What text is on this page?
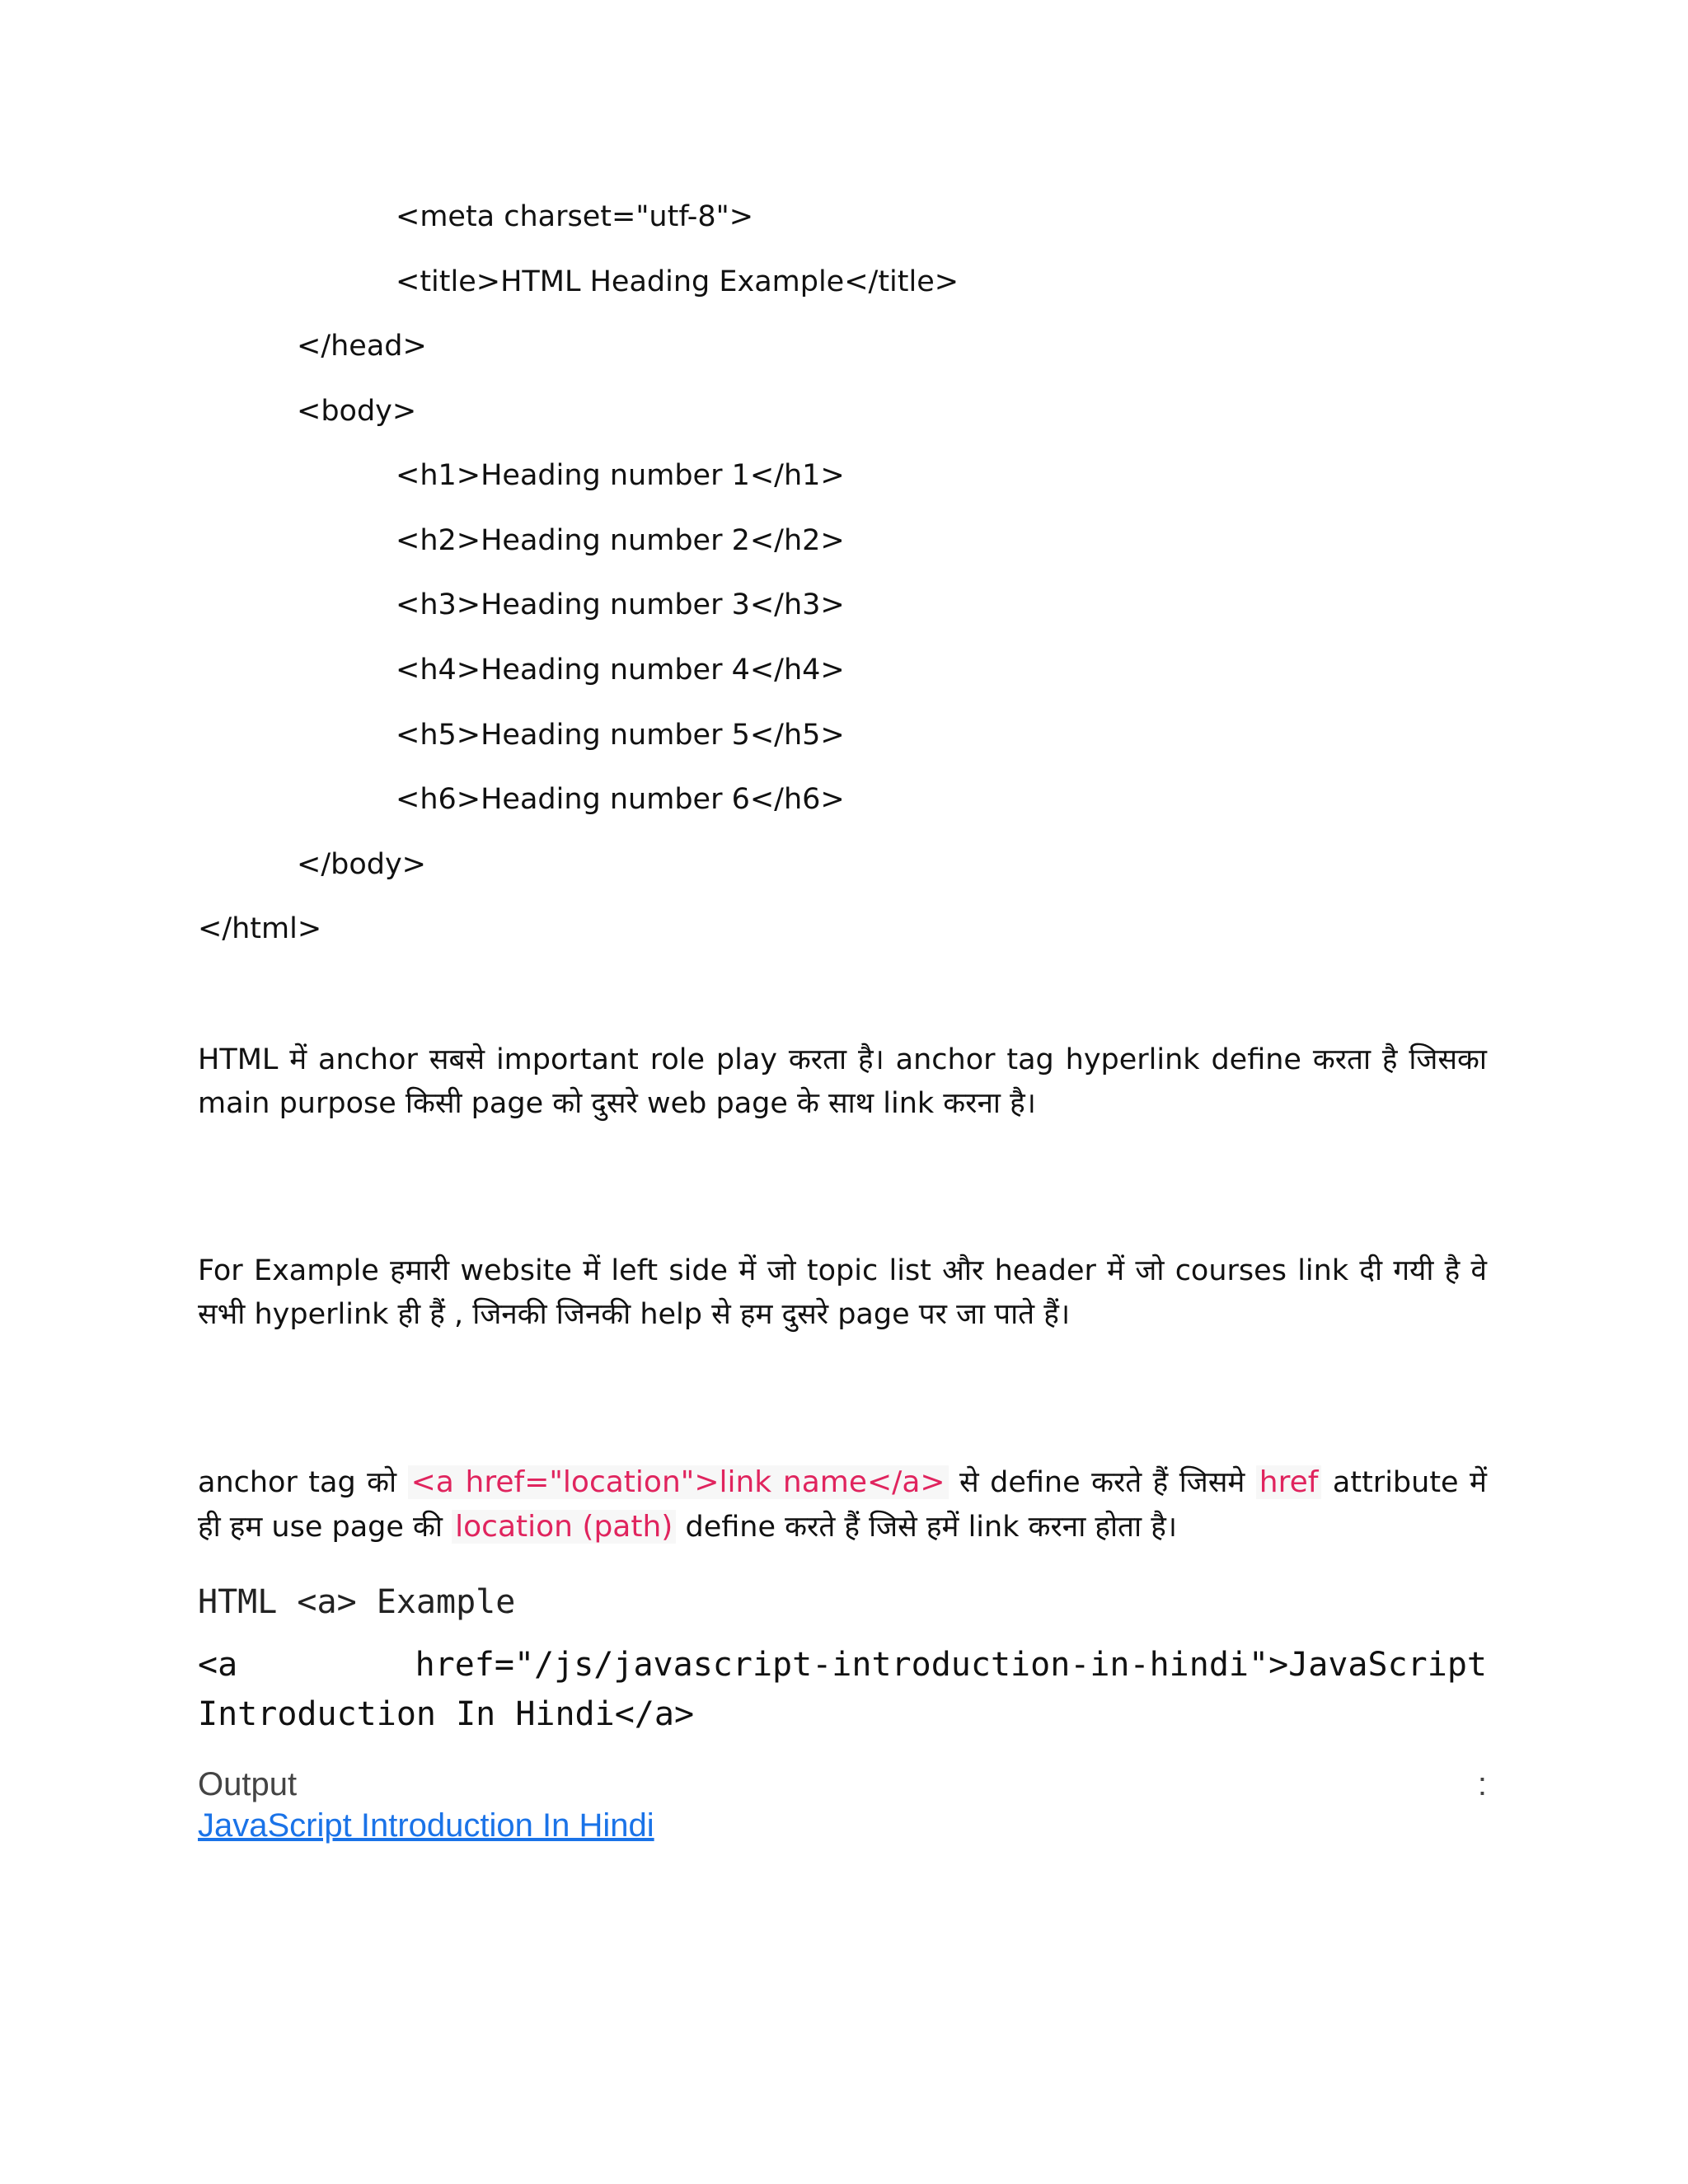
<meta charset="utf-8">
<title>HTML Heading Example</title>
</head>
<body>
<h1>Heading number 1</h1>
<h2>Heading number 2</h2>
<h3>Heading number 3</h3>
<h4>Heading number 4</h4>
<h5>Heading number 5</h5>
<h6>Heading number 6</h6>
</body>
</html>
HTML में anchor सबसे important role play करता है। anchor tag hyperlink define करता है जिसका
main purpose किसी page को दुसरे web page के साथ link करना है।
For Example हमारी website में left side में जो topic list और header में जो courses link दी गयी है वे
सभी hyperlink ही हैं , जिनकी जिनकी help से हम दुसरे page पर जा पाते हैं।
anchor tag को <a href="location">link name</a> से define करते हैं जिसमे href attribute में
ही हम use page की location (path) define करते हैं जिसे हमें link करना होता है।
HTML <a> Example
<a	href="/js/javascript-introduction-in-hindi">JavaScript
Introduction In Hindi</a>
Output	:
JavaScript Introduction In Hindi
